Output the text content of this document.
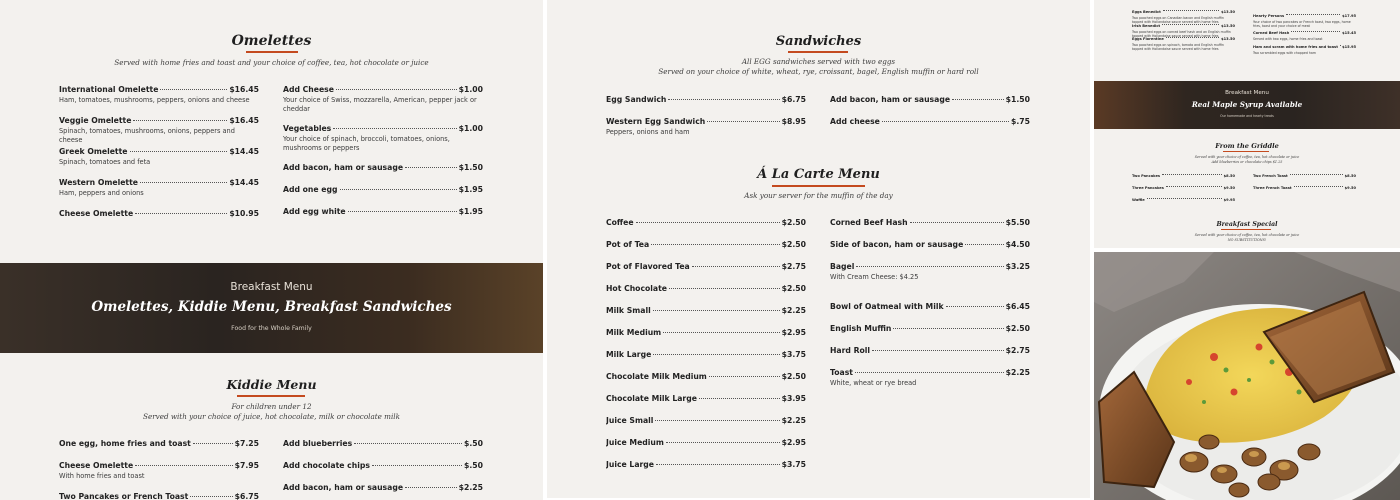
Omelettes
Served with home fries and toast and your choice of coffee, tea, hot chocolate or juice
International Omelette	$16.45
Ham, tomatoes, mushrooms, peppers, onions and cheese
Veggie Omelette	$16.45
Spinach, tomatoes, mushrooms, onions, peppers and cheese
Greek Omelette	$14.45
Spinach, tomatoes and feta
Western Omelette	$14.45
Ham, peppers and onions
Cheese Omelette	$10.95
Add Cheese	$1.00
Your choice of Swiss, mozzarella, American, pepper jack or cheddar
Vegetables	$1.00
Your choice of spinach, broccoli, tomatoes, onions, mushrooms or peppers
Add bacon, ham or sausage	$1.50
Add one egg	$1.95
Add egg white	$1.95
Breakfast Menu
Omelettes, Kiddie Menu, Breakfast Sandwiches
Food for the Whole Family
Kiddie Menu
For children under 12
Served with your choice of juice, hot chocolate, milk or chocolate milk
One egg, home fries and toast	$7.25
Cheese Omelette	$7.95
With home fries and toast
Two Pancakes or French Toast	$6.75
Add blueberries	$.50
Add chocolate chips	$.50
Add bacon, ham or sausage	$2.25
Sandwiches
All EGG sandwiches served with two eggs
Served on your choice of white, wheat, rye, croissant, bagel, English muffin or hard roll
Egg Sandwich	$6.75
Western Egg Sandwich	$8.95
Peppers, onions and ham
Add bacon, ham or sausage	$1.50
Add cheese	$.75
Á La Carte Menu
Ask your server for the muffin of the day
Coffee	$2.50
Pot of Tea	$2.50
Pot of Flavored Tea	$2.75
Hot Chocolate	$2.50
Milk Small	$2.25
Milk Medium	$2.95
Milk Large	$3.75
Chocolate Milk Medium	$2.50
Chocolate Milk Large	$3.95
Juice Small	$2.25
Juice Medium	$2.95
Juice Large	$3.75
Corned Beef Hash	$5.50
Side of bacon, ham or sausage	$4.50
Bagel	$3.25
With Cream Cheese: $4.25
Bowl of Oatmeal with Milk	$6.45
English Muffin	$2.50
Hard Roll	$2.75
Toast	$2.25
White, wheat or rye bread
Eggs Benedict	$13.50
Two poached eggs on Canadian bacon and English muffin topped with Hollandaise sauce served with home fries
Irish Benedict	$13.50
Two poached eggs on corned beef hash and an English muffin topped with Hollandaise sauce served with home fries
Eggs Florentine	$13.50
Two poached eggs on spinach, tomato and English muffin topped with Hollandaise sauce served with home fries
Hearty Persons	$17.95
Your choice of two pancakes or French toast, two eggs, home fries, toast and your choice of meat
Corned Beef Hash	$15.45
Served with two eggs, home fries and toast
Ham and scram with home fries and toast $15.95
Two scrambled eggs with chopped ham
Breakfast Menu
Real Maple Syrup Available
Our homemade and hearty treats
From the Griddle
Served with your choice of coffee, tea, hot chocolate or juice
Add blueberries or chocolate chips $1.25
Two Pancakes	$8.50
Three Pancakes	$9.50
Waffle	$9.95
Two French Toast	$8.50
Three French Toast	$9.50
Breakfast Special
Served with your choice of coffee, tea, hot chocolate or juice
NO SUBSTITUTIONS!
